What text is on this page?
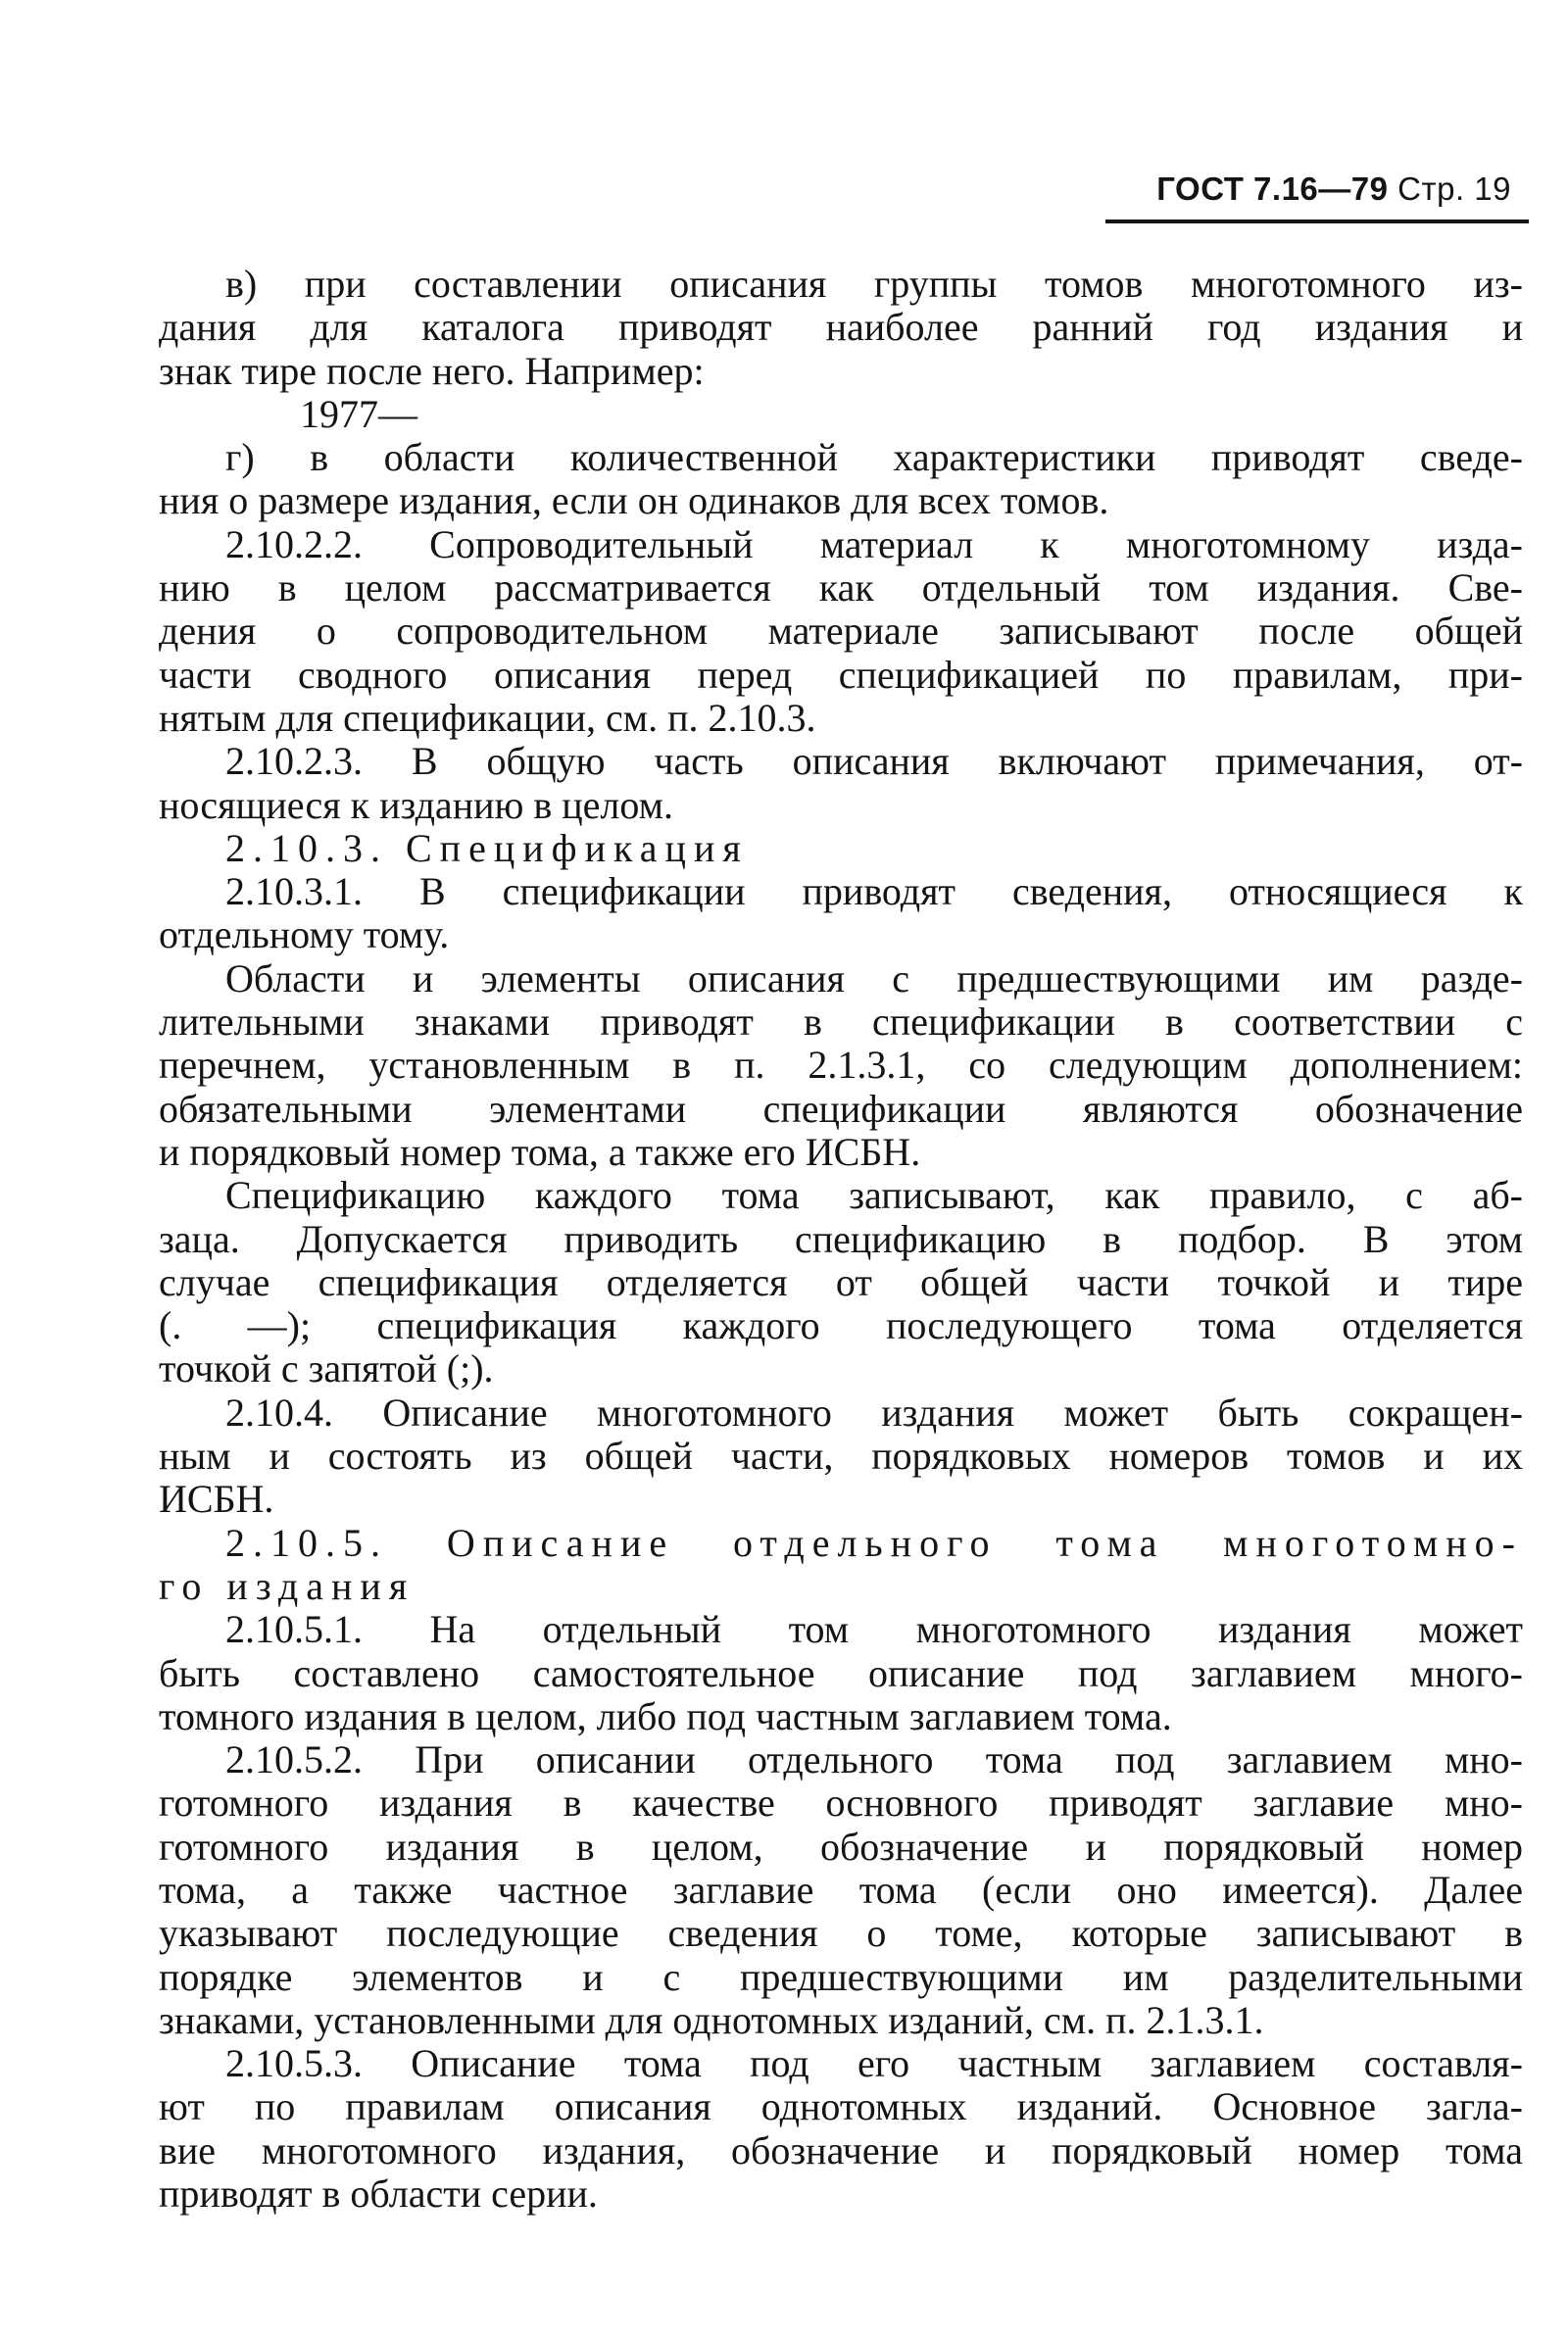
ГОСТ 7.16—79 Стр. 19
в) при составлении описания группы томов многотомного из-
дания для каталога приводят наиболее ранний год издания и
знак тире после него. Например:
1977—
г) в области количественной характеристики приводят сведе-
ния о размере издания, если он одинаков для всех томов.
2.10.2.2. Сопроводительный материал к многотомному изда-
нию в целом рассматривается как отдельный том издания. Све-
дения о сопроводительном материале записывают после общей
части сводного описания перед спецификацией по правилам, при-
нятым для спецификации, см. п. 2.10.3.
2.10.2.3. В общую часть описания включают примечания, от-
носящиеся к изданию в целом.
2.10.3. Спецификация
2.10.3.1. В спецификации приводят сведения, относящиеся к
отдельному тому.
Области и элементы описания с предшествующими им разде-
лительными знаками приводят в спецификации в соответствии с
перечнем, установленным в п. 2.1.3.1, со следующим дополнением:
обязательными элементами спецификации являются обозначение
и порядковый номер тома, а также его ИСБН.
Спецификацию каждого тома записывают, как правило, с аб-
заца. Допускается приводить спецификацию в подбор. В этом
случае спецификация отделяется от общей части точкой и тире
(. —); спецификация каждого последующего тома отделяется
точкой с запятой (;).
2.10.4. Описание многотомного издания может быть сокращен-
ным и состоять из общей части, порядковых номеров томов и их
ИСБН.
2.10.5. Описание отдельного тома многотомно-
го издания
2.10.5.1. На отдельный том многотомного издания может
быть составлено самостоятельное описание под заглавием много-
томного издания в целом, либо под частным заглавием тома.
2.10.5.2. При описании отдельного тома под заглавием мно-
готомного издания в качестве основного приводят заглавие мно-
готомного издания в целом, обозначение и порядковый номер
тома, а также частное заглавие тома (если оно имеется). Далее
указывают последующие сведения о томе, которые записывают в
порядке элементов и с предшествующими им разделительными
знаками, установленными для однотомных изданий, см. п. 2.1.3.1.
2.10.5.3. Описание тома под его частным заглавием составля-
ют по правилам описания однотомных изданий. Основное загла-
вие многотомного издания, обозначение и порядковый номер тома
приводят в области серии.
